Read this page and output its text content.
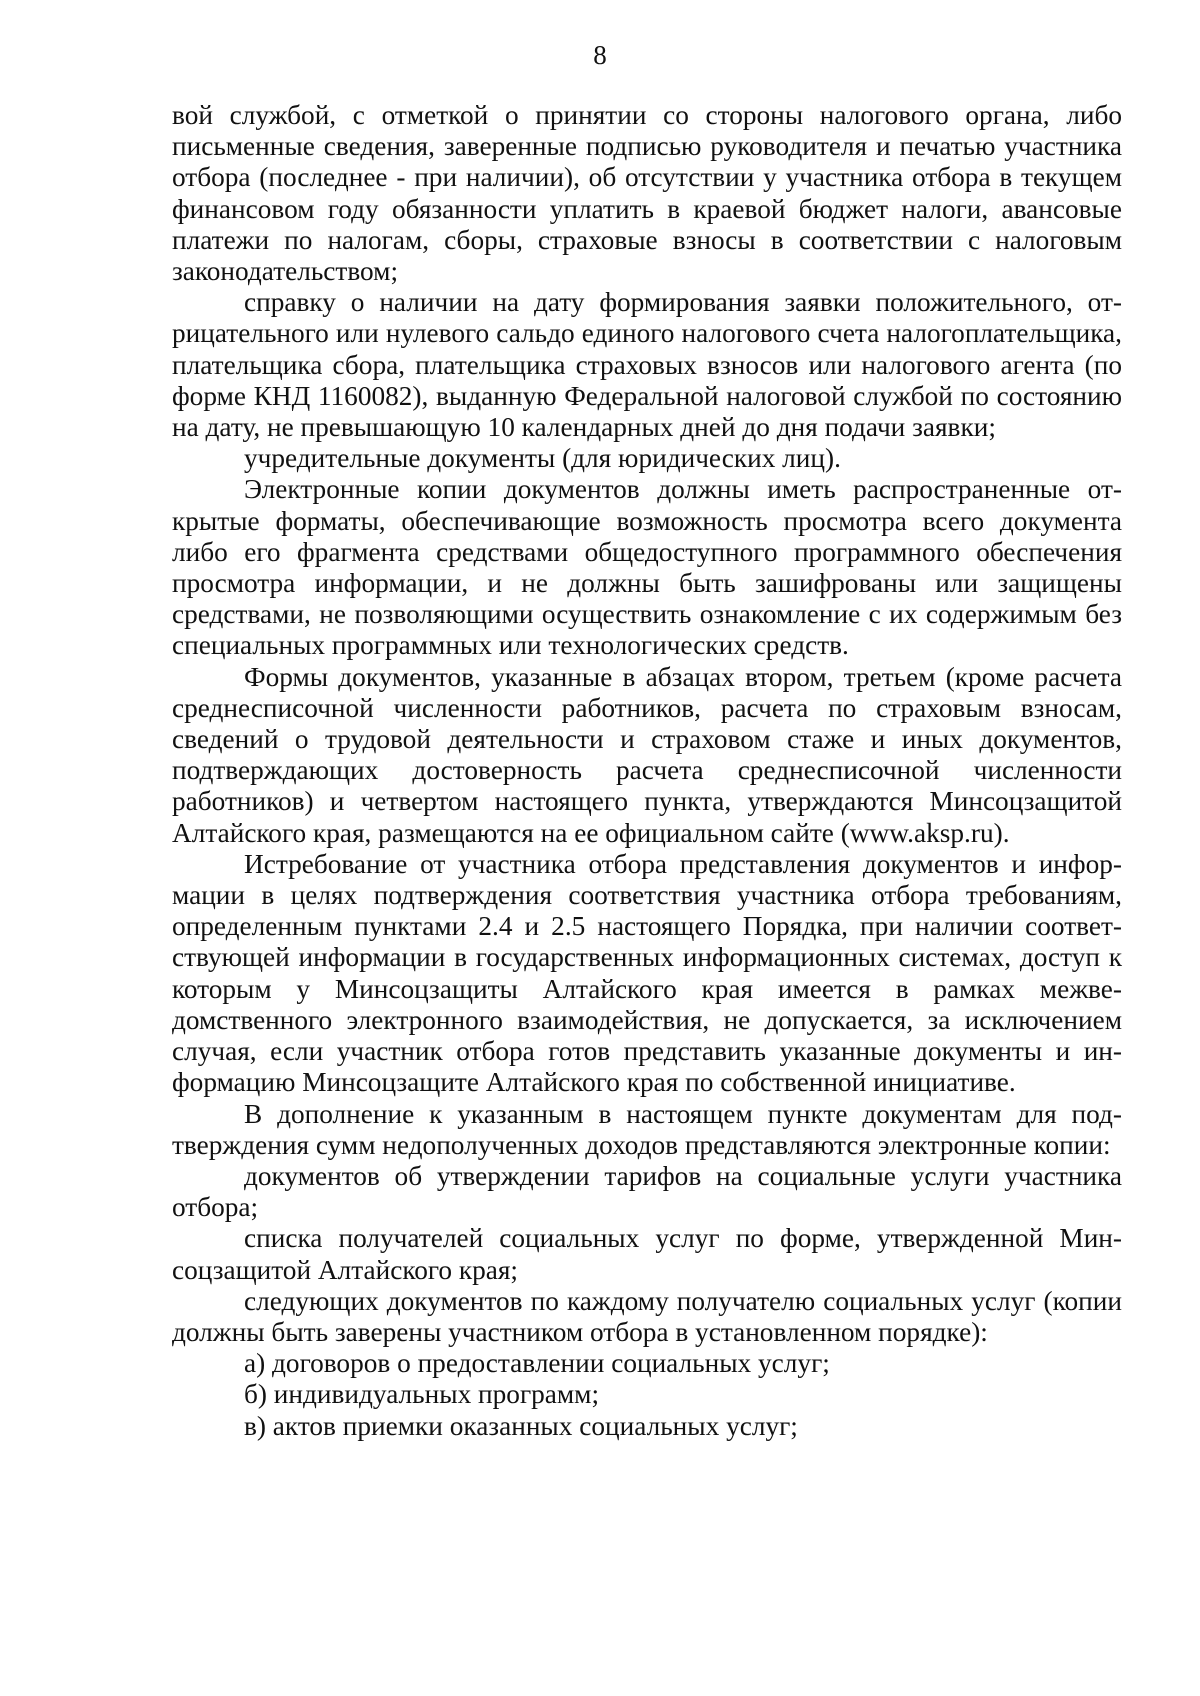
8

вой службой, с отметкой о принятии со стороны налогового органа, либо письменные сведения, заверенные подписью руководителя и печатью участника отбора (последнее - при наличии), об отсутствии у участника отбора в текущем финансовом году обязанности уплатить в краевой бюджет налоги, авансовые платежи по налогам, сборы, страховые взносы в соответствии с налоговым законодательством;

справку о наличии на дату формирования заявки положительного, отрицательного или нулевого сальдо единого налогового счета налогоплательщика, плательщика сбора, плательщика страховых взносов или налогового агента (по форме КНД 1160082), выданную Федеральной налоговой службой по состоянию на дату, не превышающую 10 календарных дней до дня подачи заявки;

учредительные документы (для юридических лиц).

Электронные копии документов должны иметь распространенные открытые форматы, обеспечивающие возможность просмотра всего документа либо его фрагмента средствами общедоступного программного обеспечения просмотра информации, и не должны быть зашифрованы или защищены средствами, не позволяющими осуществить ознакомление с их содержимым без специальных программных или технологических средств.

Формы документов, указанные в абзацах втором, третьем (кроме расчета среднесписочной численности работников, расчета по страховым взносам, сведений о трудовой деятельности и страховом стаже и иных документов, подтверждающих достоверность расчета среднесписочной численности работников) и четвертом настоящего пункта, утверждаются Минсоцзащитой Алтайского края, размещаются на ее официальном сайте (www.aksp.ru).

Истребование от участника отбора представления документов и информации в целях подтверждения соответствия участника отбора требованиям, определенным пунктами 2.4 и 2.5 настоящего Порядка, при наличии соответствующей информации в государственных информационных системах, доступ к которым у Минсоцзащиты Алтайского края имеется в рамках межведомственного электронного взаимодействия, не допускается, за исключением случая, если участник отбора готов представить указанные документы и информацию Минсоцзащите Алтайского края по собственной инициативе.

В дополнение к указанным в настоящем пункте документам для подтверждения сумм недополученных доходов представляются электронные копии:

документов об утверждении тарифов на социальные услуги участника отбора;

списка получателей социальных услуг по форме, утвержденной Минсоцзащитой Алтайского края;

следующих документов по каждому получателю социальных услуг (копии должны быть заверены участником отбора в установленном порядке):

а) договоров о предоставлении социальных услуг;

б) индивидуальных программ;

в) актов приемки оказанных социальных услуг;
